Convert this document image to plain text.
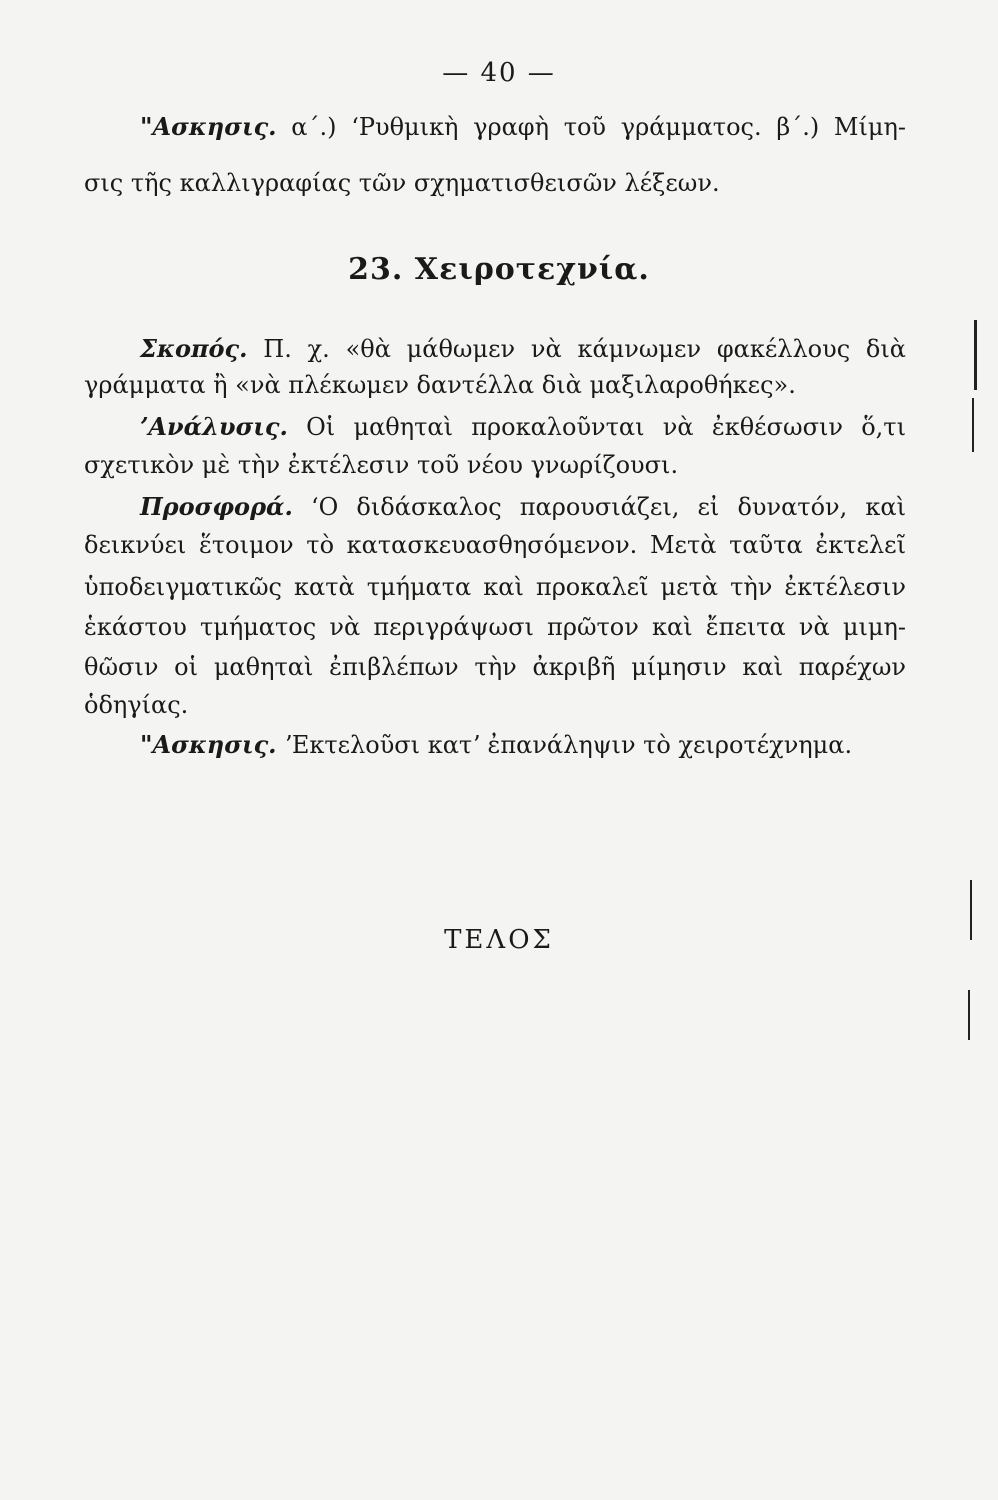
— 40 —
"Ασκησις. α΄.) ʻΡυθμικὴ γραφὴ τοῦ γράμματος. β΄.) Μίμη-
σις τῆς καλλιγραφίας τῶν σχηματισθεισῶν λέξεων.
23. Χειροτεχνία.
Σκοπός. Π. χ. «θὰ μάθωμεν νὰ κάμνωμεν φακέλλους διὰ
γράμματα ἢ «νὰ πλέκωμεν δαντέλλα διὰ μαξιλαροθήκες».
ʼΑνάλυσις. Οἱ μαθηταὶ προκαλοῦνται νὰ ἐκθέσωσιν ὅ,τι
σχετικὸν μὲ τὴν ἐκτέλεσιν τοῦ νέου γνωρίζουσι.
Προσφορά. ʻΟ διδάσκαλος παρουσιάζει, εἰ δυνατόν, καὶ
δεικνύει ἕτοιμον τὸ κατασκευασθησόμενον. Μετὰ ταῦτα ἐκτελεῖ
ὑποδειγματικῶς κατὰ τμήματα καὶ προκαλεῖ μετὰ τὴν ἐκτέλεσιν
ἑκάστου τμήματος νὰ περιγράψωσι πρῶτον καὶ ἔπειτα νὰ μιμη-
θῶσιν οἱ μαθηταὶ ἐπιβλέπων τὴν ἀκριβῆ μίμησιν καὶ παρέχων
ὁδηγίας.
"Ασκησις. ʼΕκτελοῦσι κατʼ ἐπανάληψιν τὸ χειροτέχνημα.
ΤΕΛΟΣ
